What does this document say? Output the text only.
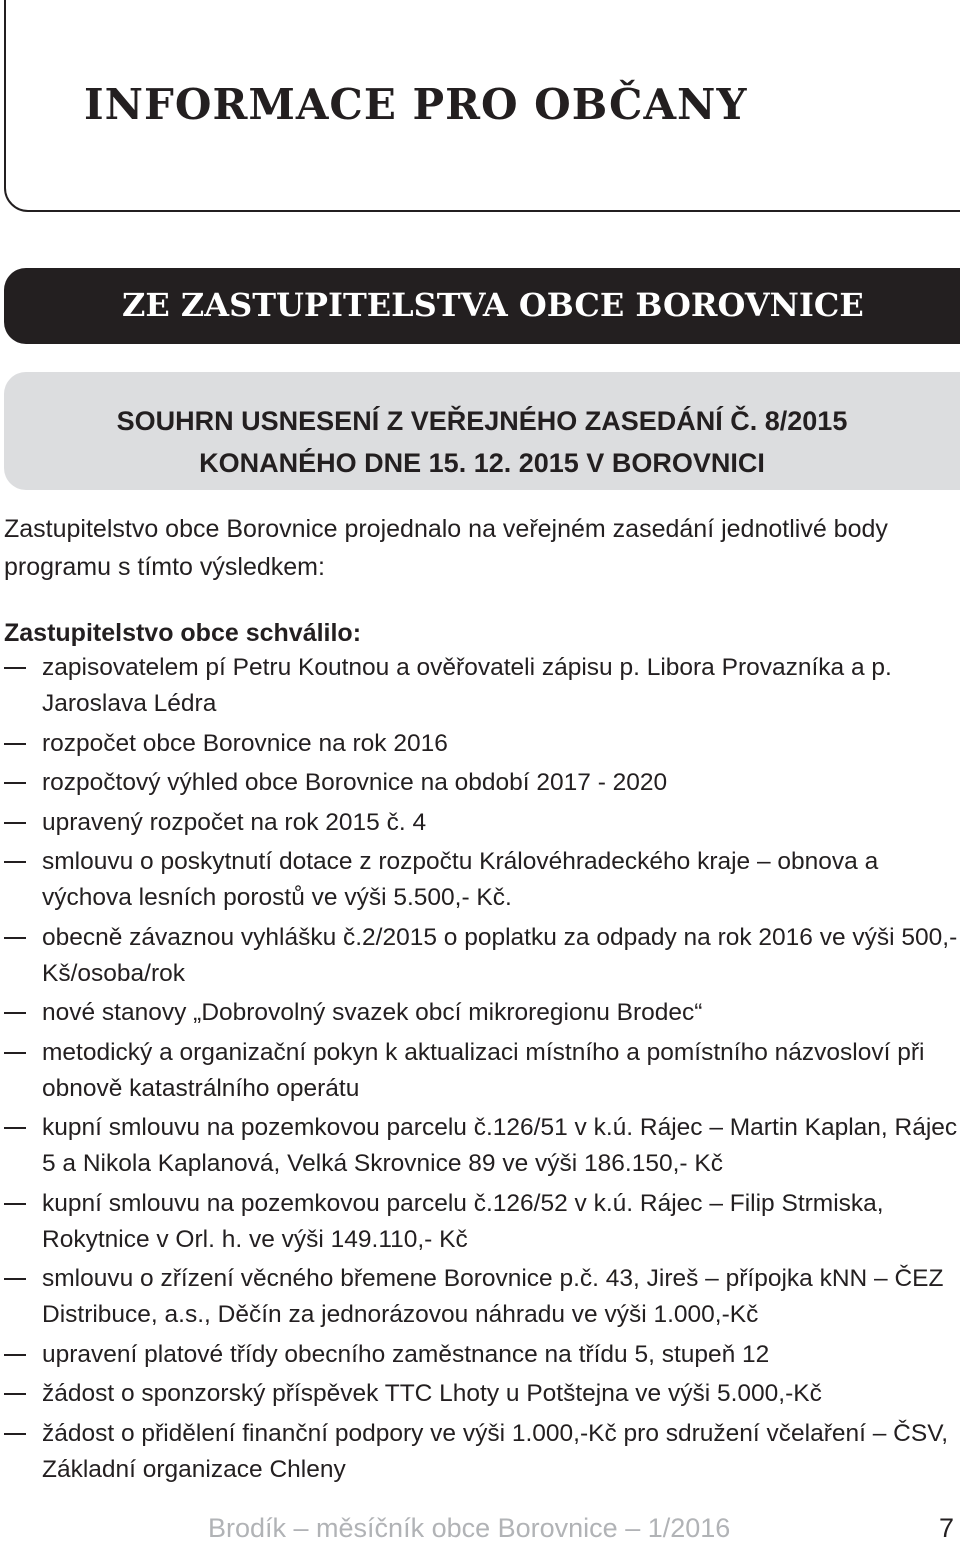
INFORMACE PRO OBČANY
ZE ZASTUPITELSTVA OBCE BOROVNICE
SOUHRN USNESENÍ Z VEŘEJNÉHO ZASEDÁNÍ Č. 8/2015
KONANÉHO DNE 15. 12. 2015 V BOROVNICI

Zastupitelstvo obce Borovnice projednalo na veřejném zasedání jednotlivé body programu s tímto výsledkem:

Zastupitelstvo obce schválilo:

zapisovatelem pí Petru Koutnou a ověřovateli zápisu p. Libora Provazníka a p. Jaroslava Lédra
rozpočet obce Borovnice na rok 2016
rozpočtový výhled obce Borovnice na období 2017 - 2020
upravený rozpočet na rok 2015 č. 4
smlouvu o poskytnutí dotace z rozpočtu Královéhradeckého kraje – obnova a výchova lesních porostů ve výši 5.500,- Kč.
obecně závaznou vyhlášku č.2/2015 o poplatku za odpady na rok 2016 ve výši 500,-Kš/osoba/rok
nové stanovy „Dobrovolný svazek obcí mikroregionu Brodec“
metodický a organizační pokyn k aktualizaci místního a pomístního názvosloví při obnově katastrálního operátu
kupní smlouvu na pozemkovou parcelu č.126/51 v k.ú. Rájec – Martin Kaplan, Rájec 5 a Nikola Kaplanová, Velká Skrovnice 89 ve výši 186.150,- Kč
kupní smlouvu na pozemkovou parcelu č.126/52 v k.ú. Rájec – Filip Strmiska, Rokytnice v Orl. h. ve výši 149.110,- Kč
smlouvu o zřízení věcného břemene Borovnice p.č. 43, Jireš – přípojka kNN – ČEZ Distribuce, a.s., Děčín za jednorázovou náhradu ve výši 1.000,-Kč
upravení platové třídy obecního zaměstnance na třídu 5, stupeň 12
žádost o sponzorský příspěvek TTC Lhoty u Potštejna ve výši 5.000,-Kč
žádost o přidělení finanční podpory ve výši 1.000,-Kč pro sdružení včelaření – ČSV, Základní organizace Chleny
Brodík – měsíčník obce Borovnice – 1/2016	7
